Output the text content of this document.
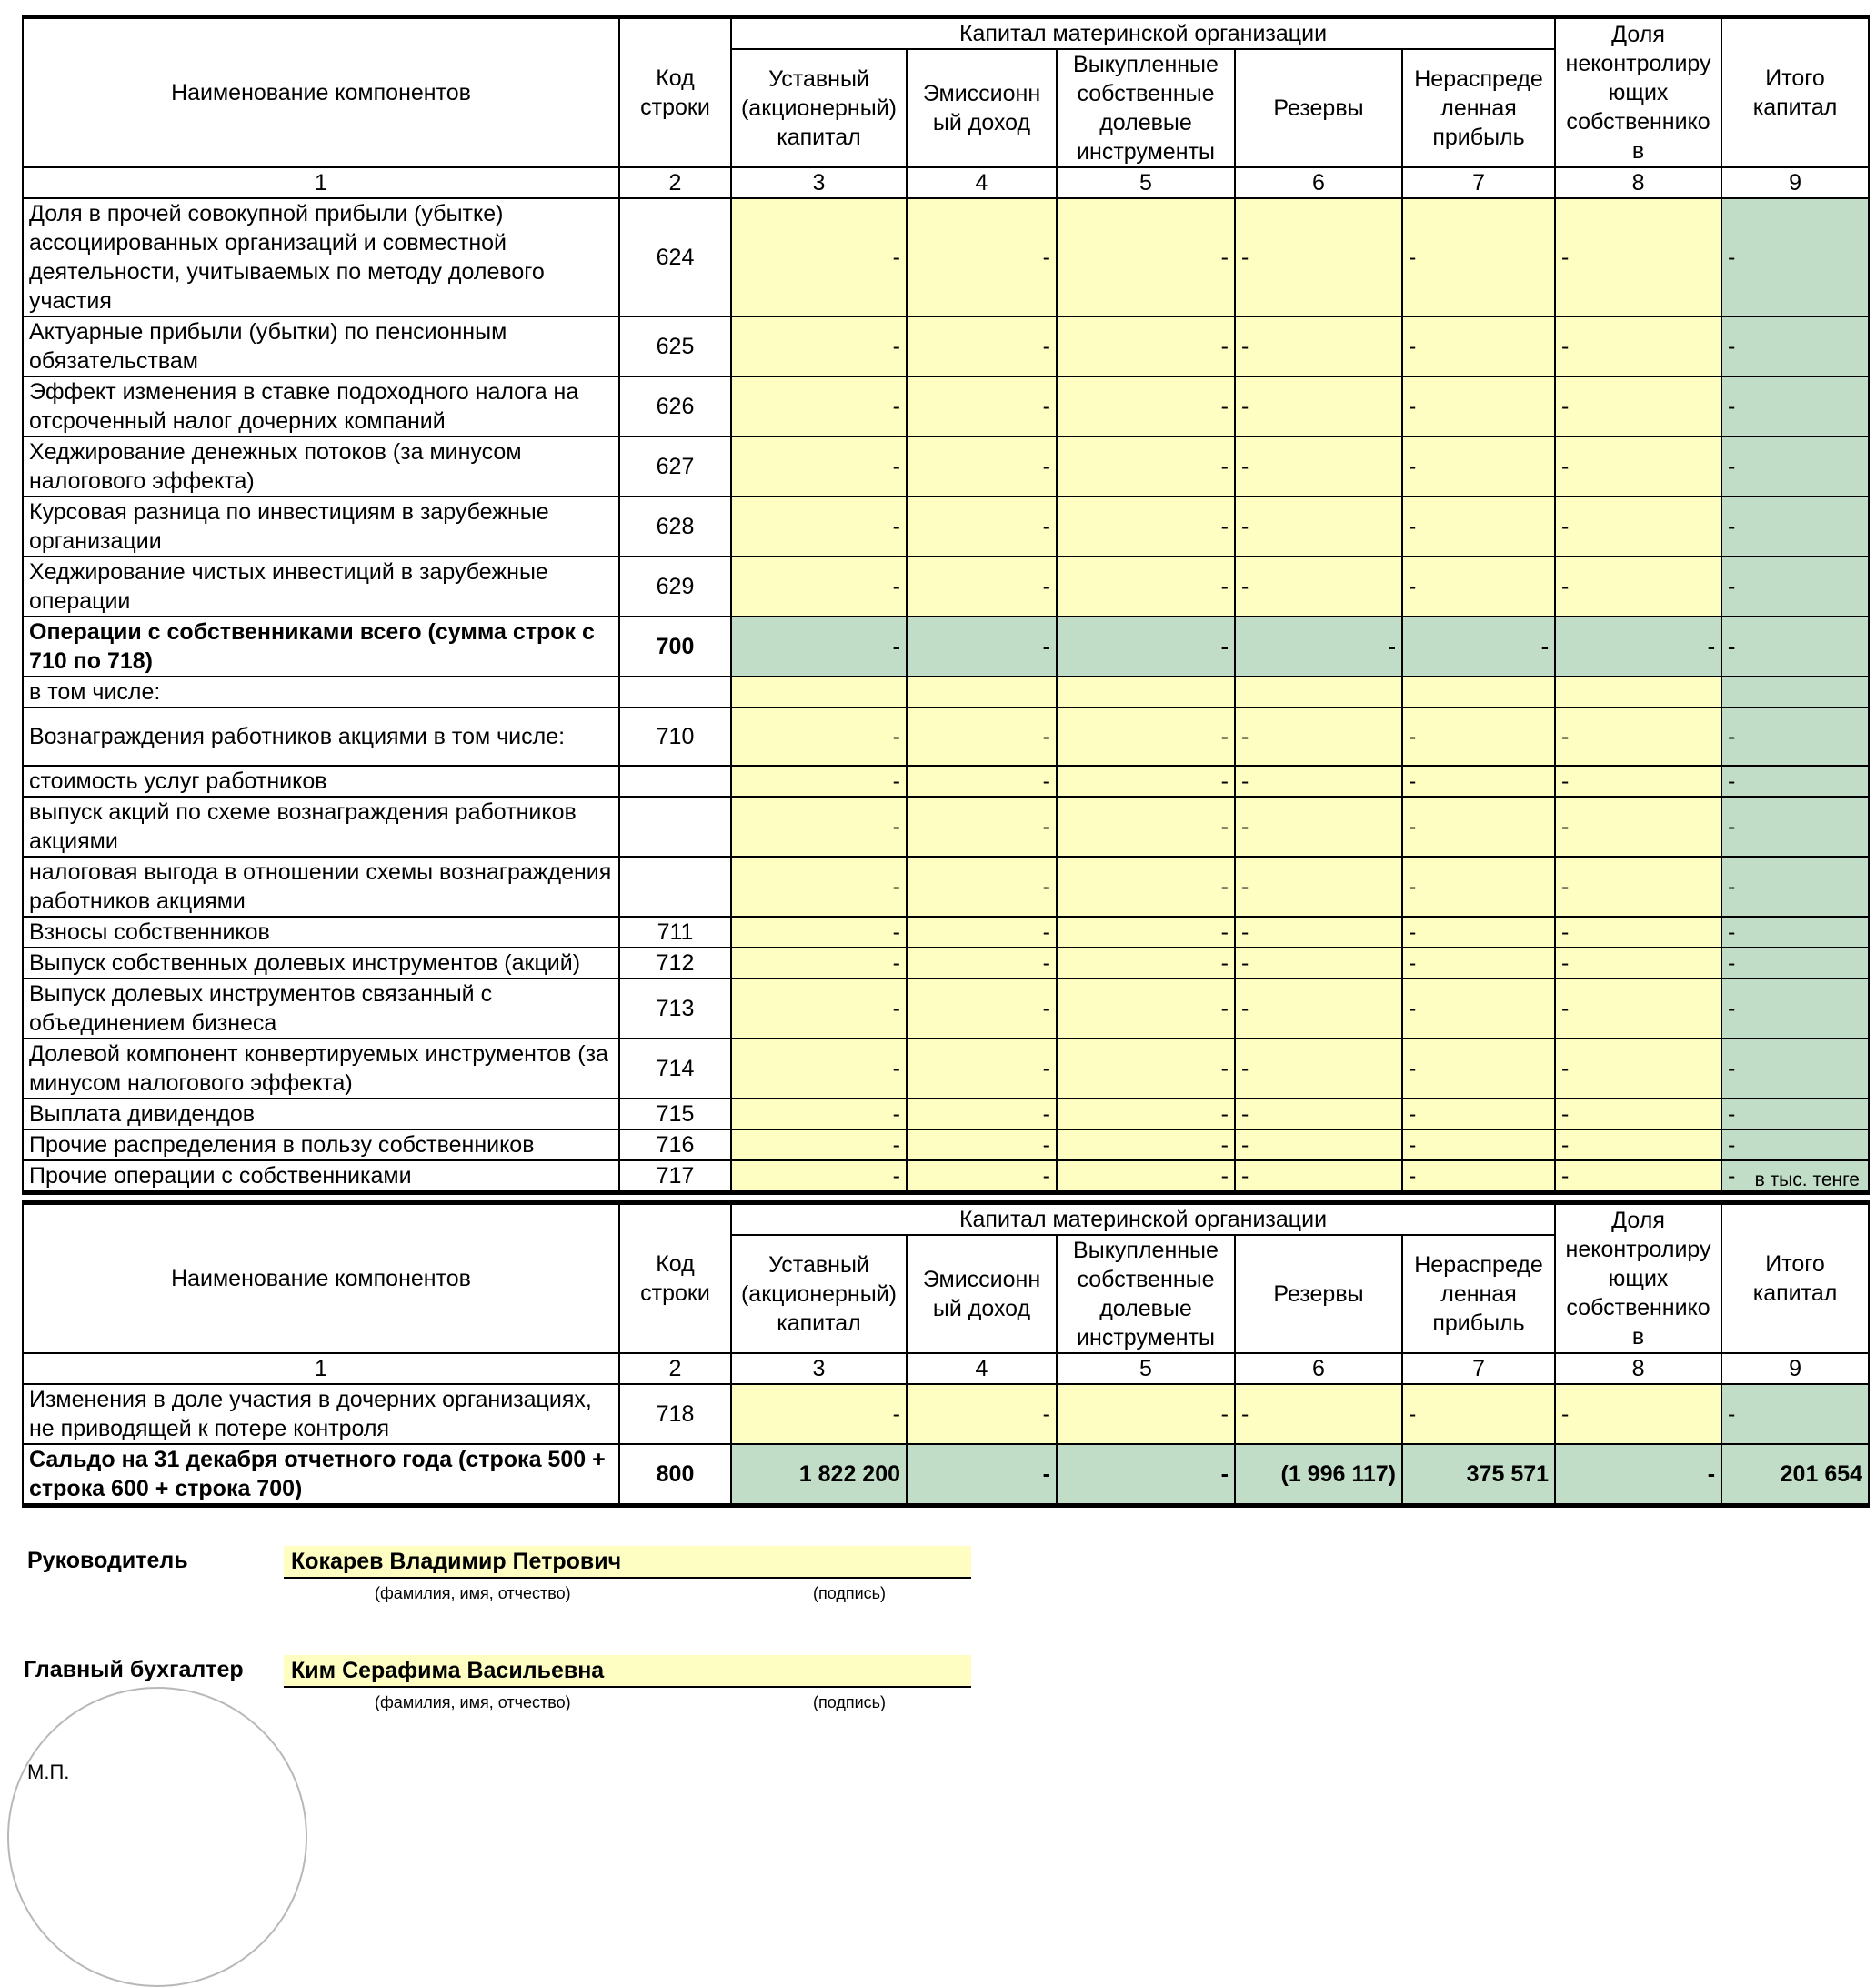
Наименование компонентов	Код строки	Капитал материнской организации					Доля неконтролиру ющих собственнико в	Итого капитал
		Уставный (акционерный) капитал	Эмиссионн ый доход	Выкупленные собственные долевые инструменты	Резервы	Нераспреде ленная прибыль		
1	2	3	4	5	6	7	8	9
Доля в прочей совокупной прибыли (убытке) ассоциированных организаций и совместной деятельности, учитываемых по методу долевого участия	624	-	-	-	-	-	-	-
Актуарные прибыли (убытки) по пенсионным обязательствам	625	-	-	-	-	-	-	-
Эффект изменения в ставке подоходного налога на отсроченный налог дочерних компаний	626	-	-	-	-	-	-	-
Хеджирование денежных потоков (за минусом налогового эффекта)	627	-	-	-	-	-	-	-
Курсовая разница по инвестициям в зарубежные организации	628	-	-	-	-	-	-	-
Хеджирование чистых инвестиций в зарубежные операции	629	-	-	-	-	-	-	-
Операции с собственниками всего (сумма строк с 710 по 718)	700	-	-	-	-	-	-	-
в том числе:								
Вознаграждения работников акциями в том числе:	710	-	-	-	-	-	-	-
стоимость услуг работников		-	-	-	-	-	-	-
выпуск акций по схеме вознаграждения работников акциями		-	-	-	-	-	-	-
налоговая выгода в отношении схемы вознаграждения работников акциями		-	-	-	-	-	-	-
Взносы собственников	711	-	-	-	-	-	-	-
Выпуск собственных долевых инструментов (акций)	712	-	-	-	-	-	-	-
Выпуск долевых инструментов связанный с объединением бизнеса	713	-	-	-	-	-	-	-
Долевой компонент конвертируемых инструментов (за минусом налогового эффекта)	714	-	-	-	-	-	-	-
Выплата дивидендов	715	-	-	-	-	-	-	-
Прочие распределения в пользу собственников	716	-	-	-	-	-	-	-
Прочие операции с собственниками	717	-	-	-	-	-	-	- в тыс. тенге
Наименование компонентов	Код строки	Капитал материнской организации					Доля неконтролиру ющих собственнико в	Итого капитал
		Уставный (акционерный) капитал	Эмиссионн ый доход	Выкупленные собственные долевые инструменты	Резервы	Нераспреде ленная прибыль		
1	2	3	4	5	6	7	8	9
Изменения в доле участия в дочерних организациях, не приводящей к потере контроля	718	-	-	-	-	-	-	-
Сальдо на 31 декабря отчетного года (строка 500 + строка 600 + строка 700)	800	1 822 200	-	-	(1 996 117)	375 571	-	201 654
Руководитель	Кокарев Владимир Петрович
(фамилия, имя, отчество)	(подпись)
Главный бухгалтер	Ким Серафима Васильевна
(фамилия, имя, отчество)	(подпись)
М.П.
